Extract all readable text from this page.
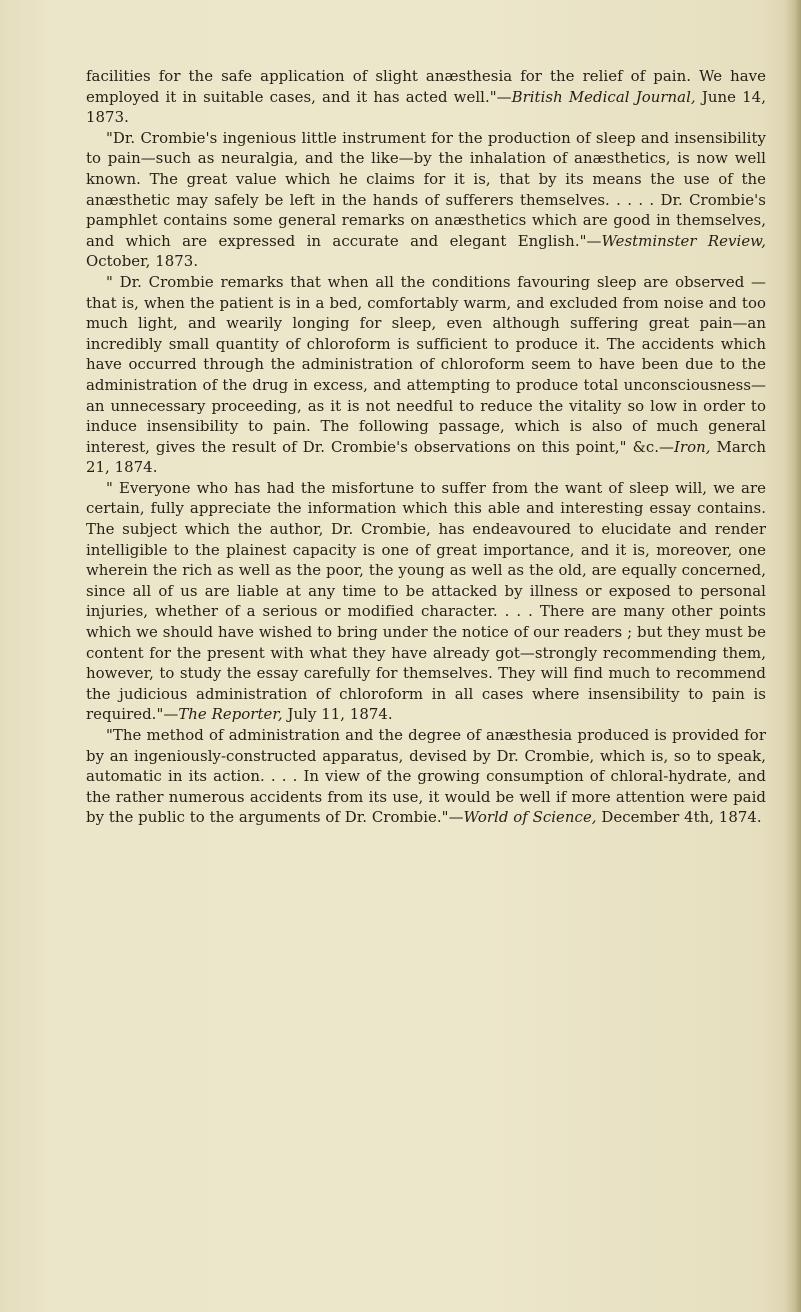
facilities for the safe application of slight anæsthesia for the relief of pain. We have employed it in suitable cases, and it has acted well."—British Medical Journal, June 14, 1873.

"Dr. Crombie's ingenious little instrument for the production of sleep and insensibility to pain—such as neuralgia, and the like—by the inhalation of anæsthetics, is now well known. The great value which he claims for it is, that by its means the use of the anæsthetic may safely be left in the hands of sufferers themselves. . . . . Dr. Crombie's pamphlet contains some general remarks on anæsthetics which are good in themselves, and which are expressed in accurate and elegant English."—Westminster Review, October, 1873.

" Dr. Crombie remarks that when all the conditions favouring sleep are observed —that is, when the patient is in a bed, comfortably warm, and excluded from noise and too much light, and wearily longing for sleep, even although suffering great pain—an incredibly small quantity of chloroform is sufficient to produce it. The accidents which have occurred through the administration of chloroform seem to have been due to the administration of the drug in excess, and attempting to produce total unconsciousness—an unnecessary proceeding, as it is not needful to reduce the vitality so low in order to induce insensibility to pain. The following passage, which is also of much general interest, gives the result of Dr. Crombie's observations on this point," &c.—Iron, March 21, 1874.

" Everyone who has had the misfortune to suffer from the want of sleep will, we are certain, fully appreciate the information which this able and interesting essay contains. The subject which the author, Dr. Crombie, has endeavoured to elucidate and render intelligible to the plainest capacity is one of great importance, and it is, moreover, one wherein the rich as well as the poor, the young as well as the old, are equally concerned, since all of us are liable at any time to be attacked by illness or exposed to personal injuries, whether of a serious or modified character. . . . There are many other points which we should have wished to bring under the notice of our readers ; but they must be content for the present with what they have already got—strongly recommending them, however, to study the essay carefully for themselves. They will find much to recommend the judicious administration of chloroform in all cases where insensibility to pain is required."—The Reporter, July 11, 1874.

"The method of administration and the degree of anæsthesia produced is provided for by an ingeniously-constructed apparatus, devised by Dr. Crombie, which is, so to speak, automatic in its action. . . . In view of the growing consumption of chloral-hydrate, and the rather numerous accidents from its use, it would be well if more attention were paid by the public to the arguments of Dr. Crombie."—World of Science, December 4th, 1874.
